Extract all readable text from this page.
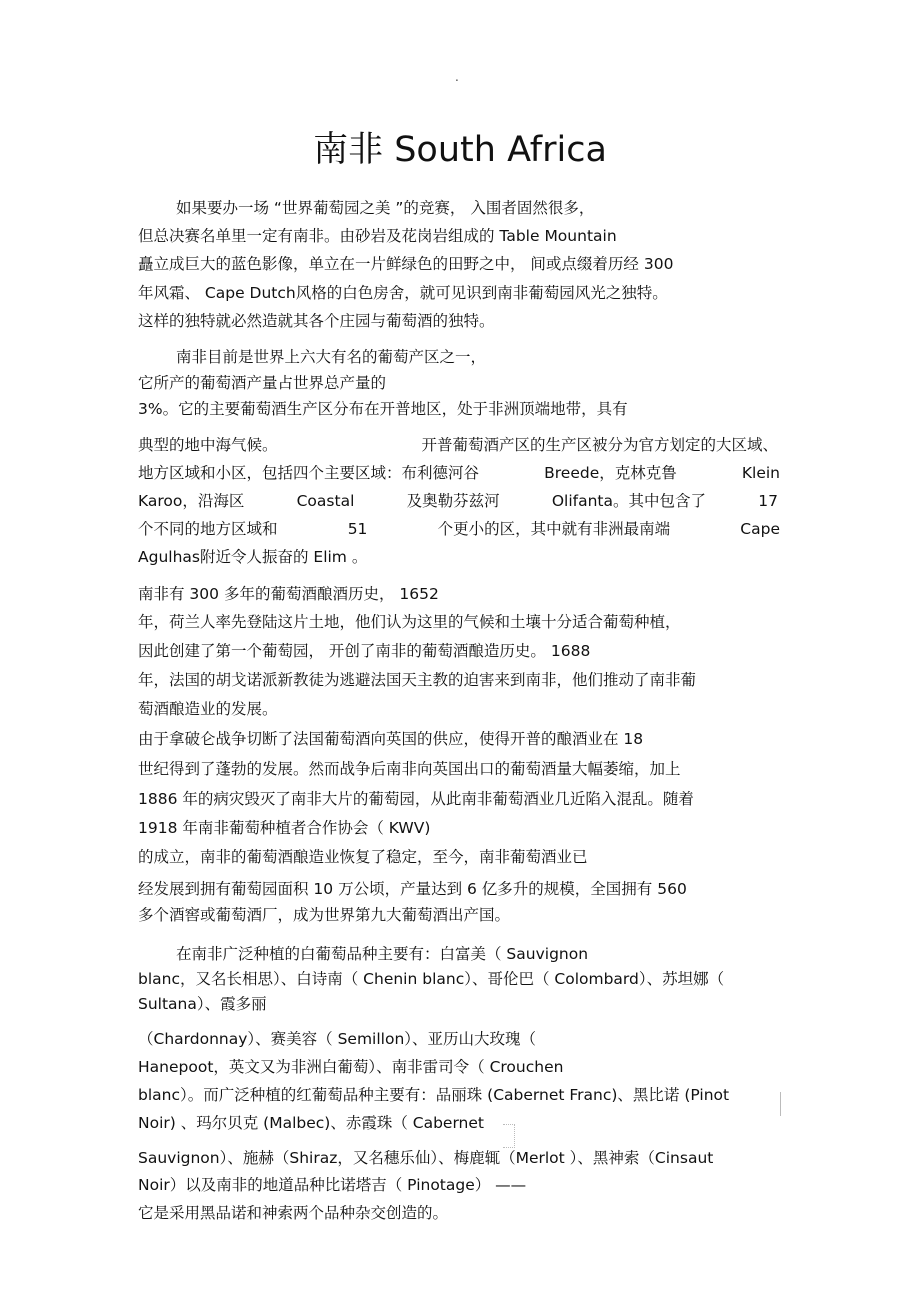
.
南非 South Africa
如果要办一场 “世界葡萄园之美 ”的竞赛， 入围者固然很多，
但总决赛名单里一定有南非。由砂岩及花岗岩组成的 Table Mountain
矗立成巨大的蓝色影像，单立在一片鲜绿色的田野之中， 间或点缀着历经 300
年风霜、 Cape Dutch风格的白色房舍，就可见识到南非葡萄园风光之独特。
这样的独特就必然造就其各个庄园与葡萄酒的独特。
南非目前是世界上六大有名的葡萄产区之一，
它所产的葡萄酒产量占世界总产量的
3%。它的主要葡萄酒生产区分布在开普地区，处于非洲顶端地带，具有
典型的地中海气候。	开普葡萄酒产区的生产区被分为官方划定的大区域、
地方区域和小区，包括四个主要区域：布利德河谷	Breede，克林克鲁	Klein
Karoo，沿海区	Coastal	及奥勒芬兹河	Olifanta。其中包含了	17
个不同的地方区域和	51	个更小的区，其中就有非洲最南端	Cape
Agulhas附近令人振奋的 Elim 。
南非有 300 多年的葡萄酒酿酒历史， 1652
年，荷兰人率先登陆这片土地，他们认为这里的气候和土壤十分适合葡萄种植，
因此创建了第一个葡萄园， 开创了南非的葡萄酒酿造历史。 1688
年，法国的胡戈诺派新教徒为逃避法国天主教的迫害来到南非，他们推动了南非葡
萄酒酿造业的发展。
由于拿破仑战争切断了法国葡萄酒向英国的供应，使得开普的酿酒业在 18
世纪得到了蓬勃的发展。然而战争后南非向英国出口的葡萄酒量大幅萎缩，加上
1886 年的病灾毁灭了南非大片的葡萄园，从此南非葡萄酒业几近陷入混乱。随着
1918 年南非葡萄种植者合作协会（ KWV)
的成立，南非的葡萄酒酿造业恢复了稳定，至今，南非葡萄酒业已
经发展到拥有葡萄园面积 10 万公顷，产量达到 6 亿多升的规模，全国拥有 560
多个酒窖或葡萄酒厂，成为世界第九大葡萄酒出产国。
在南非广泛种植的白葡萄品种主要有：白富美（ Sauvignon
blanc，又名长相思）、白诗南（ Chenin blanc）、哥伦巴（ Colombard）、苏坦娜（
Sultana）、霞多丽
（Chardonnay）、赛美容（ Semillon）、亚历山大玫瑰（
Hanepoot，英文又为非洲白葡萄）、南非雷司令（ Crouchen
blanc）。而广泛种植的红葡萄品种主要有：品丽珠 (Cabernet Franc)、黑比诺 (Pinot
Noir) 、玛尔贝克 (Malbec)、赤霞珠（ Cabernet
Sauvignon）、施赫（Shiraz，又名穗乐仙）、梅鹿辄（Merlot ）、黑神索（Cinsaut
Noir）以及南非的地道品种比诺塔吉（ Pinotage） ——
它是采用黑品诺和神索两个品种杂交创造的。
